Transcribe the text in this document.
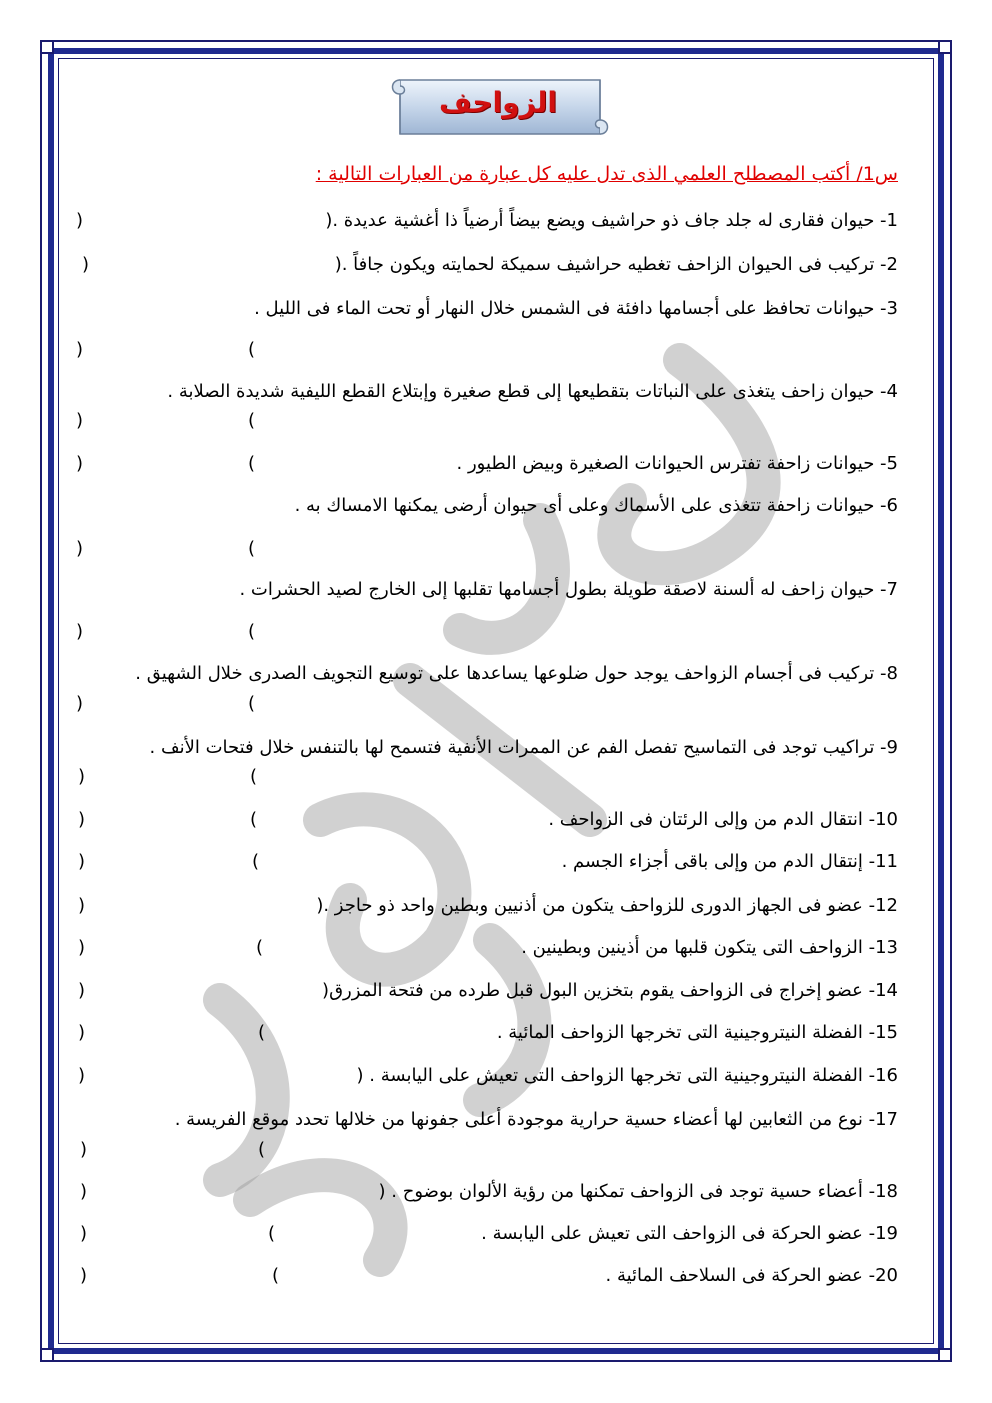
الزواحف
س1/ أكتب المصطلح العلمي الذى تدل عليه كل عبارة من العبارات التالية :
1- حيوان فقارى له جلد جاف ذو حراشيف ويضع بيضاً أرضياً ذا أغشية عديدة .(
)
2- تركيب فى الحيوان الزاحف تغطيه حراشيف سميكة لحمايته ويكون جافاً .(
)
3- حيوانات تحافظ على أجسامها دافئة فى الشمس خلال النهار أو تحت الماء فى الليل .
(
)
4- حيوان زاحف يتغذى على النباتات بتقطيعها إلى قطع صغيرة وإبتلاع القطع الليفية شديدة الصلابة .
(
)
5- حيوانات زاحفة تفترس الحيوانات الصغيرة وبيض الطيور .
(
)
6- حيوانات زاحفة تتغذى على الأسماك وعلى أى حيوان أرضى يمكنها الامساك به .
(
)
7- حيوان زاحف له ألسنة لاصقة طويلة بطول أجسامها تقلبها إلى الخارج لصيد الحشرات .
(
)
8- تركيب فى أجسام الزواحف يوجد حول ضلوعها يساعدها على توسيع التجويف الصدرى خلال الشهيق .
(
)
9- تراكيب توجد فى التماسيح تفصل الفم عن الممرات الأنفية فتسمح لها بالتنفس خلال فتحات الأنف .
(
)
10- انتقال الدم من وإلى الرئتان فى الزواحف .
(
)
11- إنتقال الدم من وإلى باقى أجزاء الجسم .
(
)
12- عضو فى الجهاز الدورى للزواحف يتكون من أذنيين وبطين واحد ذو حاجز .(
)
13- الزواحف التى يتكون قلبها من أذينين وبطينين .
(
)
14- عضو إخراج فى الزواحف يقوم بتخزين البول قبل طرده من فتحة المزرق(
)
15- الفضلة النيتروجينية التى تخرجها الزواحف المائية .
(
)
16- الفضلة النيتروجينية التى تخرجها الزواحف التى تعيش على اليابسة . (
)
17- نوع من الثعابين لها أعضاء حسية حرارية موجودة أعلى جفونها من خلالها تحدد موقع الفريسة .
(
)
18- أعضاء حسية توجد فى الزواحف تمكنها من رؤية الألوان بوضوح . (
)
19- عضو الحركة فى الزواحف التى تعيش على اليابسة .
(
)
20- عضو الحركة فى السلاحف المائية .
(
)
